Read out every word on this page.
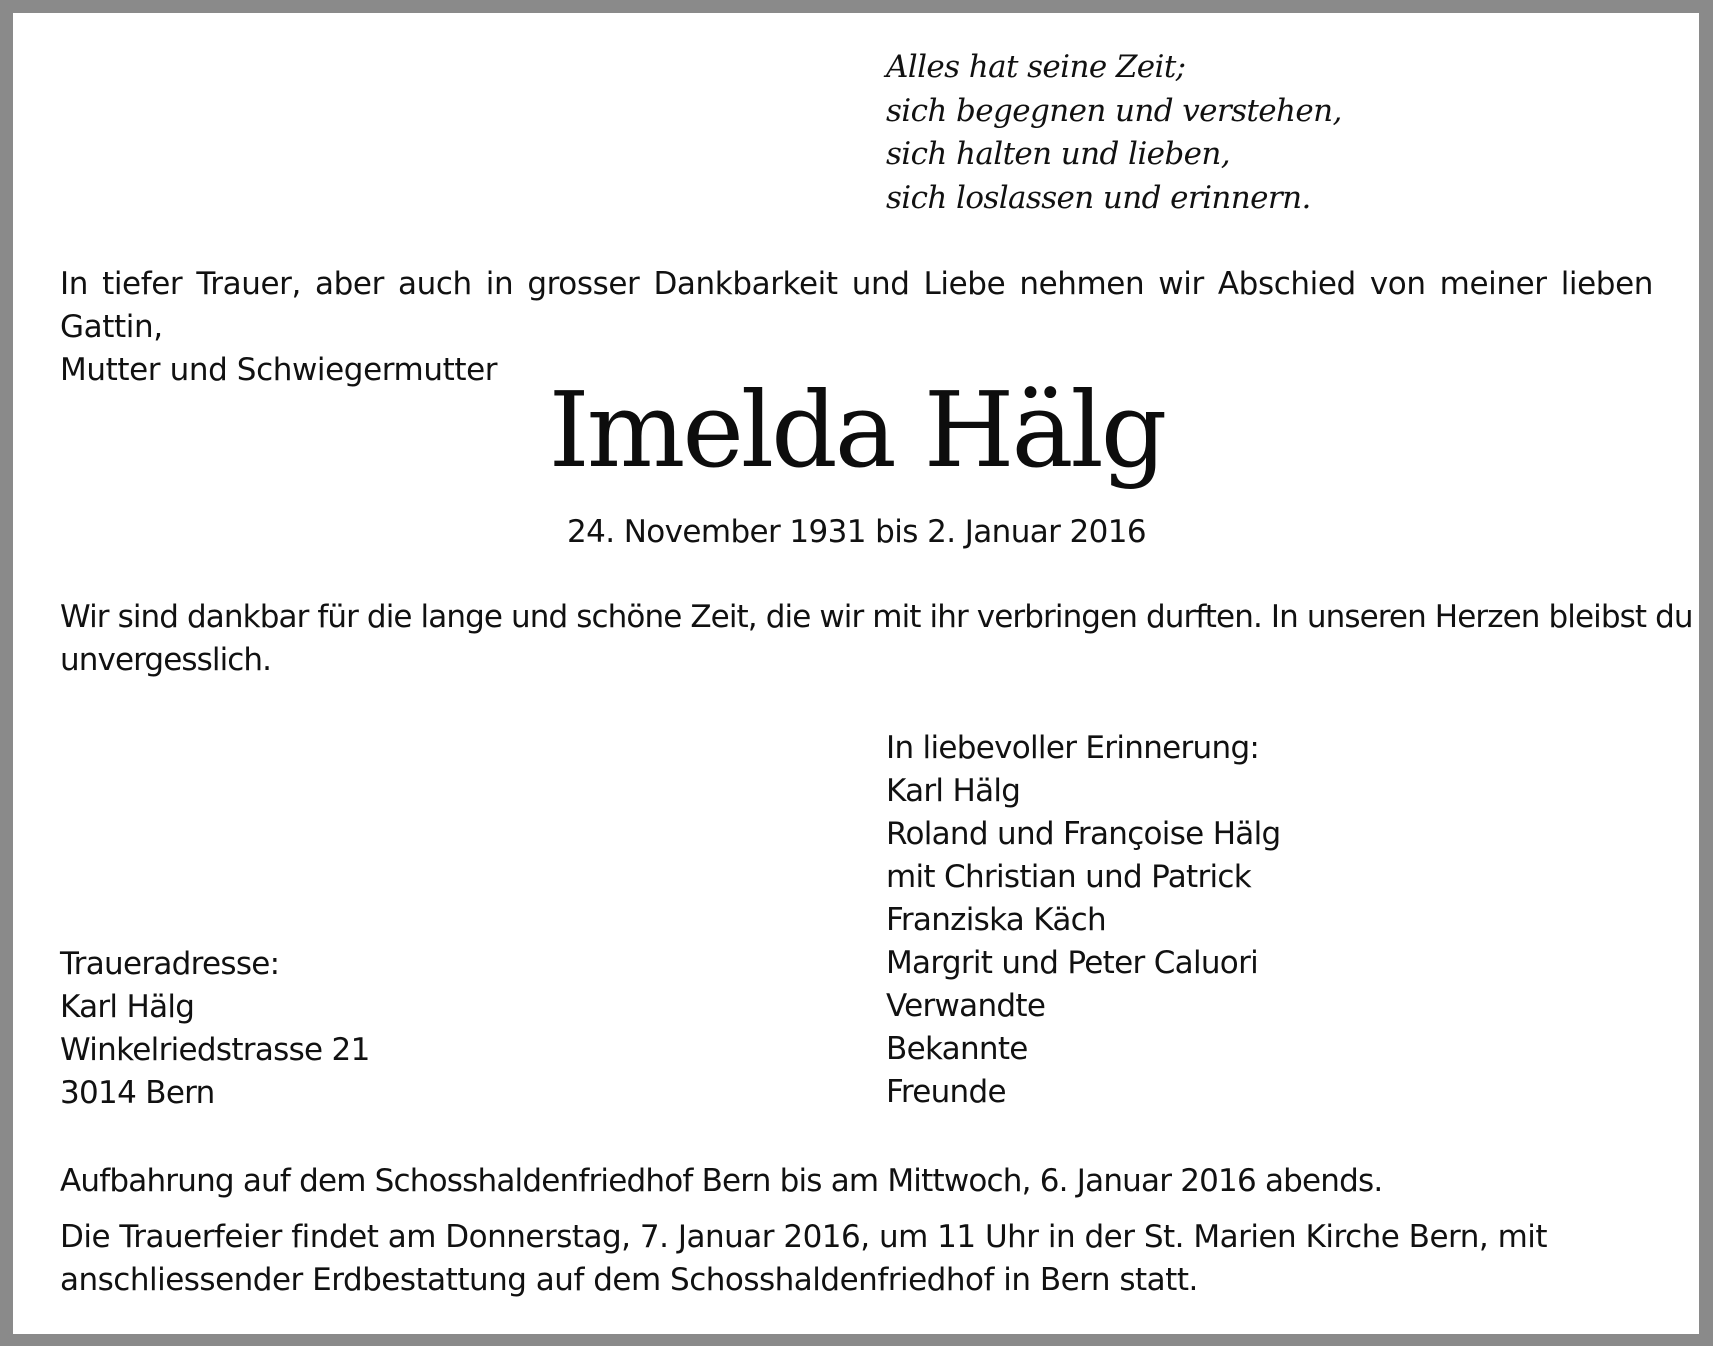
Alles hat seine Zeit;
sich begegnen und verstehen,
sich halten und lieben,
sich loslassen und erinnern.
In tiefer Trauer, aber auch in grosser Dankbarkeit und Liebe nehmen wir Abschied von meiner lieben Gattin,
Mutter und Schwiegermutter Imelda Hälg
24. November 1931 bis 2. Januar 2016
Wir sind dankbar für die lange und schöne Zeit, die wir mit ihr verbringen durften. In unseren Herzen bleibst du
unvergesslich.
In liebevoller Erinnerung:
Karl Hälg
Roland und Françoise Hälg
mit Christian und Patrick
Franziska Käch
Margrit und Peter Caluori
Verwandte
Bekannte
Freunde
Traueradresse:
Karl Hälg
Winkelriedstrasse 21
3014 Bern
Aufbahrung auf dem Schosshaldenfriedhof Bern bis am Mittwoch, 6. Januar 2016 abends.
Die Trauerfeier findet am Donnerstag, 7. Januar 2016, um 11 Uhr in der St. Marien Kirche Bern, mit
anschliessender Erdbestattung auf dem Schosshaldenfriedhof in Bern statt.
